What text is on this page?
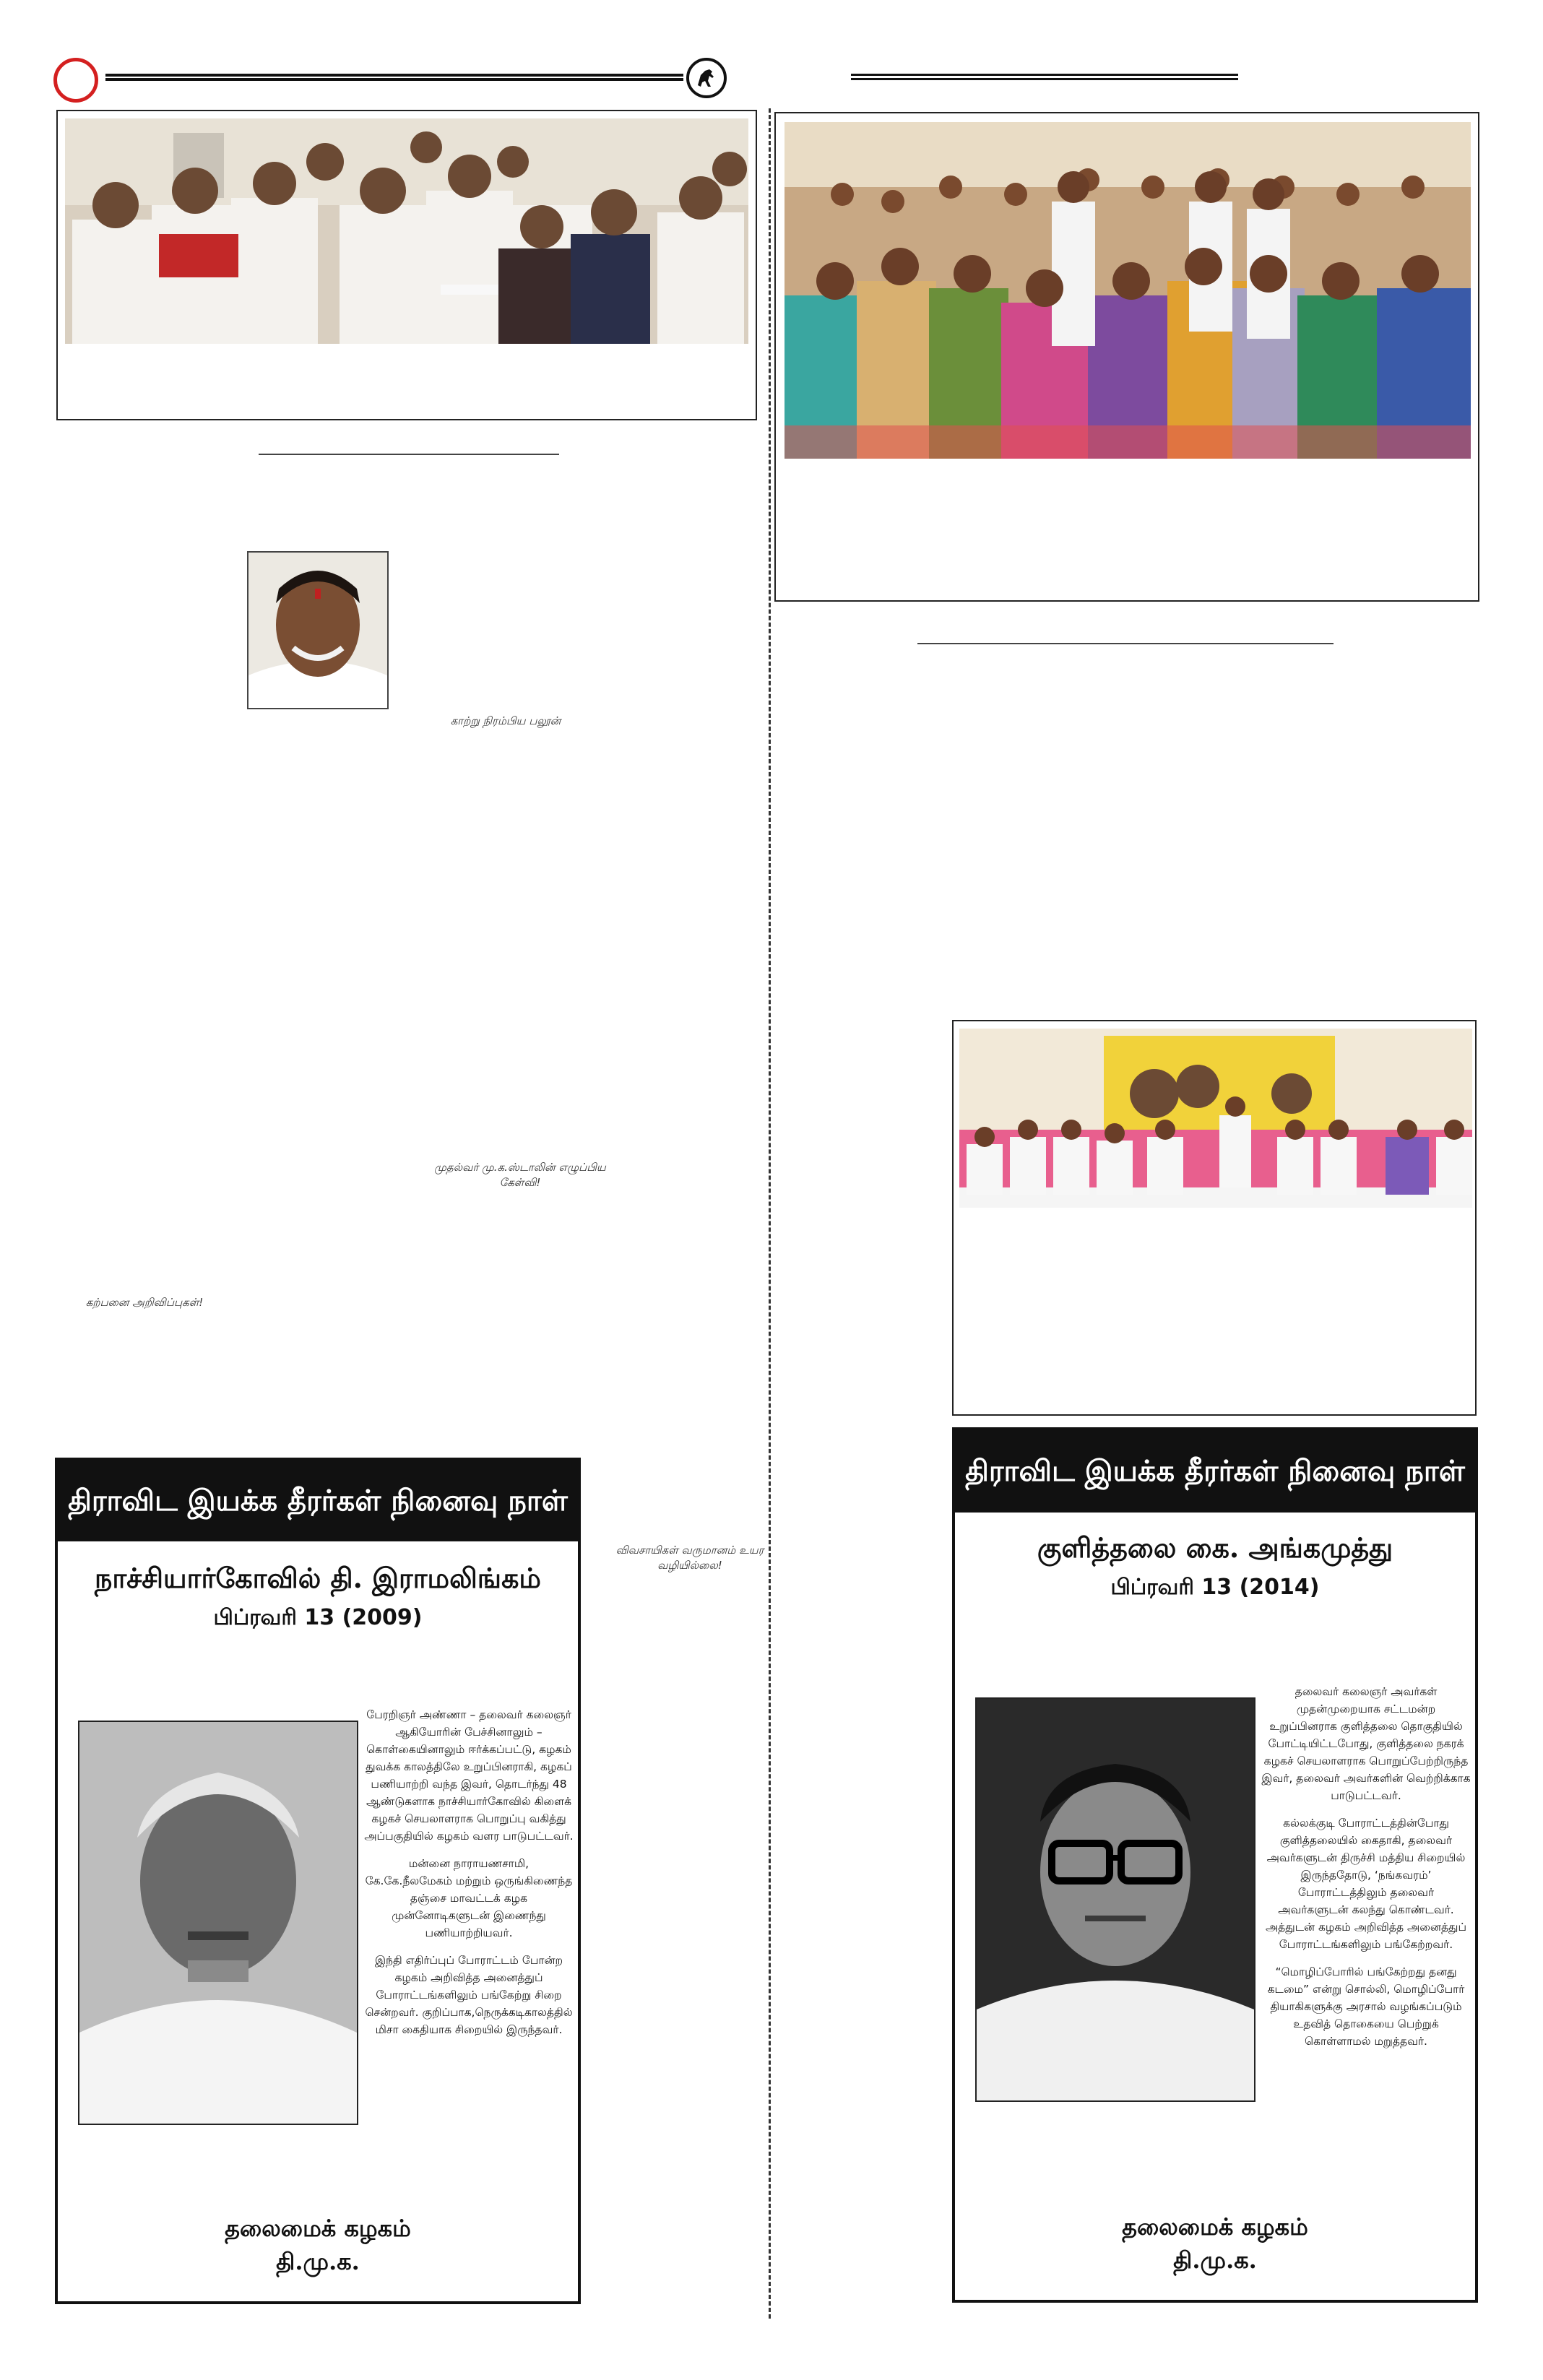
காற்று நிரம்பிய பலூன்
முதல்வர் மு.க.ஸ்டாலின் எழுப்பிய கேள்வி!
கற்பனை அறிவிப்புகள்!
விவசாயிகள் வருமானம் உயர வழியில்லை!
திராவிட இயக்க தீரர்கள் நினைவு நாள்
நாச்சியார்கோவில் தி. இராமலிங்கம்
பிப்ரவரி 13 (2009)

பேரறிஞர் அண்ணா – தலைவர் கலைஞர் ஆகியோரின் பேச்சினாலும் – கொள்கையினாலும் ஈர்க்கப்பட்டு, கழகம் துவக்க காலத்திலே உறுப்பினராகி, கழகப் பணியாற்றி வந்த இவர், தொடர்ந்து 48 ஆண்டுகளாக நாச்சியார்கோவில் கிளைக் கழகச் செயலாளராக பொறுப்பு வகித்து அப்பகுதியில் கழகம் வளர பாடுபட்டவர்.

மன்னை நாராயணசாமி, கே.கே.நீலமேகம் மற்றும் ஒருங்கிணைந்த தஞ்சை மாவட்டக் கழக முன்னோடிகளுடன் இணைந்து பணியாற்றியவர்.

இந்தி எதிர்ப்புப் போராட்டம் போன்ற கழகம் அறிவித்த அனைத்துப் போராட்டங்களிலும் பங்கேற்று சிறை சென்றவர். குறிப்பாக,நெருக்கடிகாலத்தில் மிசா கைதியாக சிறையில் இருந்தவர்.

தலைமைக் கழகம்
தி.மு.க.
திராவிட இயக்க தீரர்கள் நினைவு நாள்
குளித்தலை கை. அங்கமுத்து
பிப்ரவரி 13 (2014)

தலைவர் கலைஞர் அவர்கள் முதன்முறையாக சட்டமன்ற உறுப்பினராக குளித்தலை தொகுதியில் போட்டியிட்டபோது, குளித்தலை நகரக் கழகச் செயலாளராக பொறுப்பேற்றிருந்த இவர், தலைவர் அவர்களின் வெற்றிக்காக பாடுபட்டவர்.

கல்லக்குடி போராட்டத்தின்போது குளித்தலையில் கைதாகி, தலைவர் அவர்களுடன் திருச்சி மத்திய சிறையில் இருந்ததோடு, ‘நங்கவரம்’ போராட்டத்திலும் தலைவர் அவர்களுடன் கலந்து கொண்டவர். அத்துடன் கழகம் அறிவித்த அனைத்துப் போராட்டங்களிலும் பங்கேற்றவர்.

“மொழிப்போரில் பங்கேற்றது தனது கடமை” என்று சொல்லி, மொழிப்போர் தியாகிகளுக்கு அரசால் வழங்கப்படும் உதவித் தொகையை பெற்றுக் கொள்ளாமல் மறுத்தவர்.

தலைமைக் கழகம்
தி.மு.க.
